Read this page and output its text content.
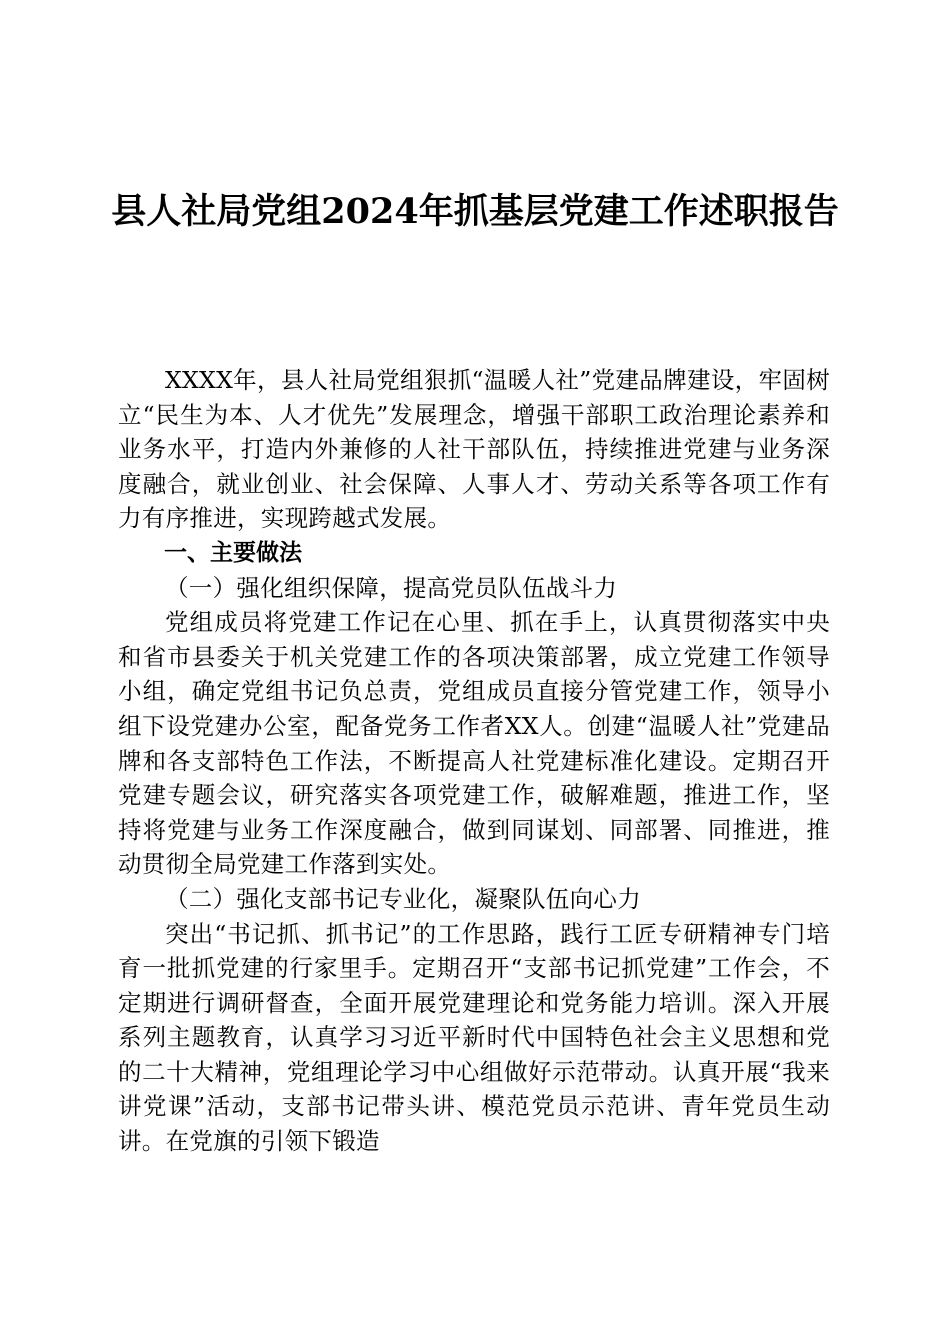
县人社局党组2024年抓基层党建工作述职报告

XXXX年，县人社局党组狠抓“温暖人社”党建品牌建设，牢固树立“民生为本、人才优先”发展理念，增强干部职工政治理论素养和业务水平，打造内外兼修的人社干部队伍，持续推进党建与业务深度融合，就业创业、社会保障、人事人才、劳动关系等各项工作有力有序推进，实现跨越式发展。

一、主要做法

（一）强化组织保障，提高党员队伍战斗力

党组成员将党建工作记在心里、抓在手上，认真贯彻落实中央和省市县委关于机关党建工作的各项决策部署，成立党建工作领导小组，确定党组书记负总责，党组成员直接分管党建工作，领导小组下设党建办公室，配备党务工作者XX人。创建“温暖人社”党建品牌和各支部特色工作法，不断提高人社党建标准化建设。定期召开党建专题会议，研究落实各项党建工作，破解难题，推进工作，坚持将党建与业务工作深度融合，做到同谋划、同部署、同推进，推动贯彻全局党建工作落到实处。

（二）强化支部书记专业化，凝聚队伍向心力

突出“书记抓、抓书记”的工作思路，践行工匠专研精神专门培育一批抓党建的行家里手。定期召开“支部书记抓党建”工作会，不定期进行调研督查，全面开展党建理论和党务能力培训。深入开展系列主题教育，认真学习习近平新时代中国特色社会主义思想和党的二十大精神，党组理论学习中心组做好示范带动。认真开展“我来讲党课”活动，支部书记带头讲、模范党员示范讲、青年党员生动讲。在党旗的引领下锻造
